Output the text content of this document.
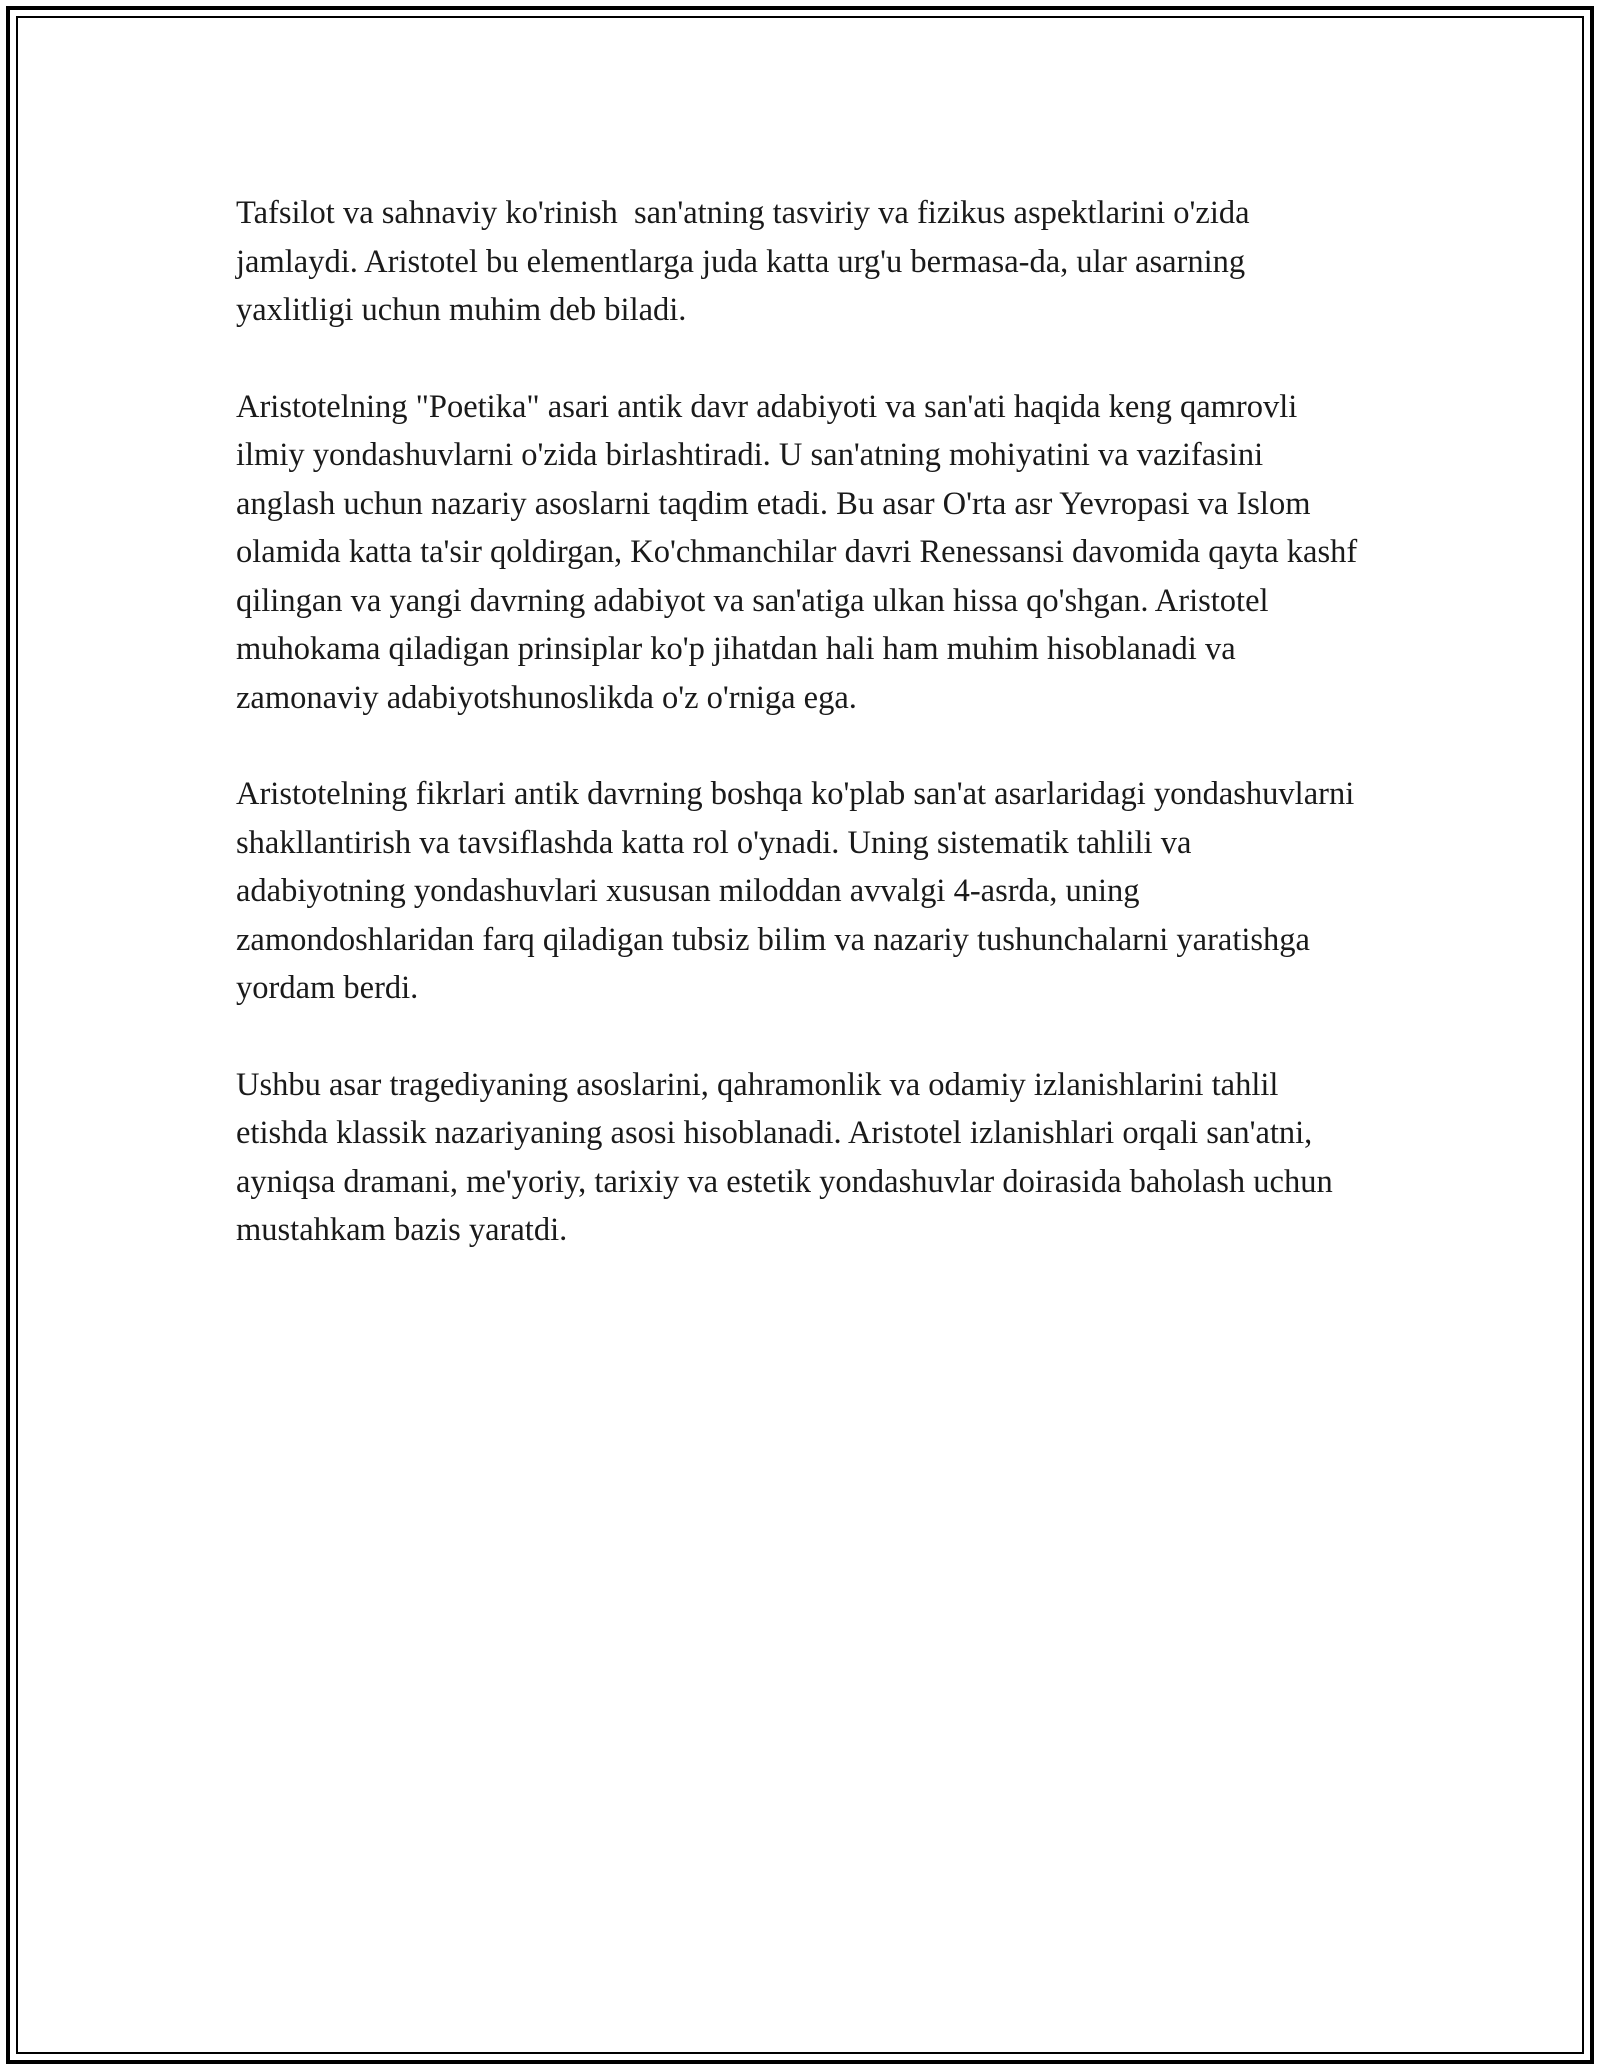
Tafsilot va sahnaviy ko'rinish  san'atning tasviriy va fizikus aspektlarini o'zida jamlaydi. Aristotel bu elementlarga juda katta urg'u bermasa-da, ular asarning yaxlitligi uchun muhim deb biladi.

Aristotelning "Poetika" asari antik davr adabiyoti va san'ati haqida keng qamrovli ilmiy yondashuvlarni o'zida birlashtiradi. U san'atning mohiyatini va vazifasini anglash uchun nazariy asoslarni taqdim etadi. Bu asar O'rta asr Yevropasi va Islom olamida katta ta'sir qoldirgan, Ko'chmanchilar davri Renessansi davomida qayta kashf qilingan va yangi davrning adabiyot va san'atiga ulkan hissa qo'shgan. Aristotel muhokama qiladigan prinsiplar ko'p jihatdan hali ham muhim hisoblanadi va zamonaviy adabiyotshunoslikda o'z o'rniga ega.

Aristotelning fikrlari antik davrning boshqa ko'plab san'at asarlaridagi yondashuvlarni shakllantirish va tavsiflashda katta rol o'ynadi. Uning sistematik tahlili va adabiyotning yondashuvlari xususan miloddan avvalgi 4-asrda, uning zamondoshlaridan farq qiladigan tubsiz bilim va nazariy tushunchalarni yaratishga yordam berdi.

Ushbu asar tragediyaning asoslarini, qahramonlik va odamiy izlanishlarini tahlil etishda klassik nazariyaning asosi hisoblanadi. Aristotel izlanishlari orqali san'atni, ayniqsa dramani, me'yoriy, tarixiy va estetik yondashuvlar doirasida baholash uchun mustahkam bazis yaratdi.
